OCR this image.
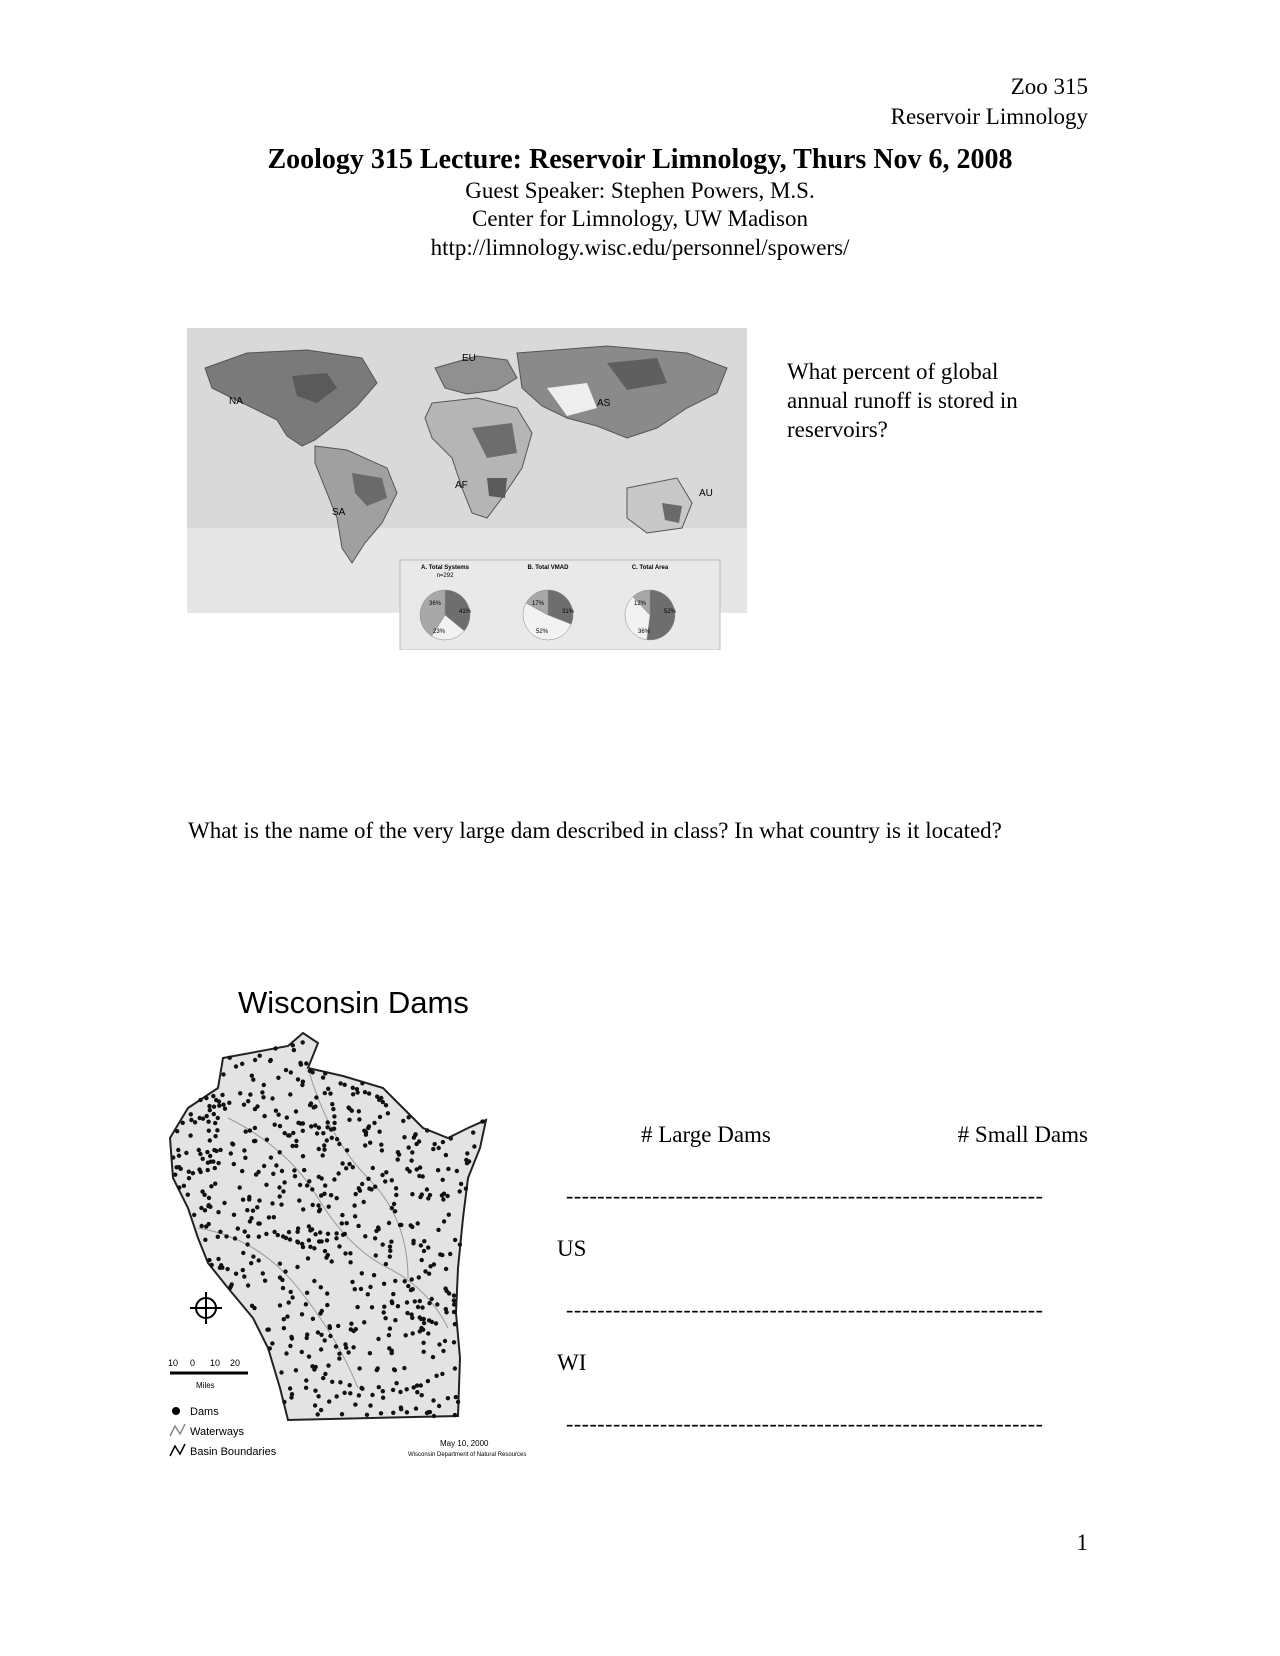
Zoo 315
Reservoir Limnology
Zoology 315 Lecture: Reservoir Limnology, Thurs Nov 6, 2008
Guest Speaker: Stephen Powers, M.S.
Center for Limnology, UW Madison
http://limnology.wisc.edu/personnel/spowers/
EU
NA	AS
AF
SA
AU
A. Total Systems
n=292
36%
41%
23%
B. Total VMAD
17%
31%
52%
C. Total Area
12%
52%
36%
What percent of global
annual runoff is stored in
reservoirs?
What is the name of the very large dam described in class? In what country is it located?
Wisconsin Dams
10 0 10 20
Miles
Dams
Waterways
Basin Boundaries
May 10, 2000
Wisconsin Department of Natural Resources
# Large Dams	# Small Dams
-------------------------------------------------------------
US
-------------------------------------------------------------
WI
-------------------------------------------------------------
1
